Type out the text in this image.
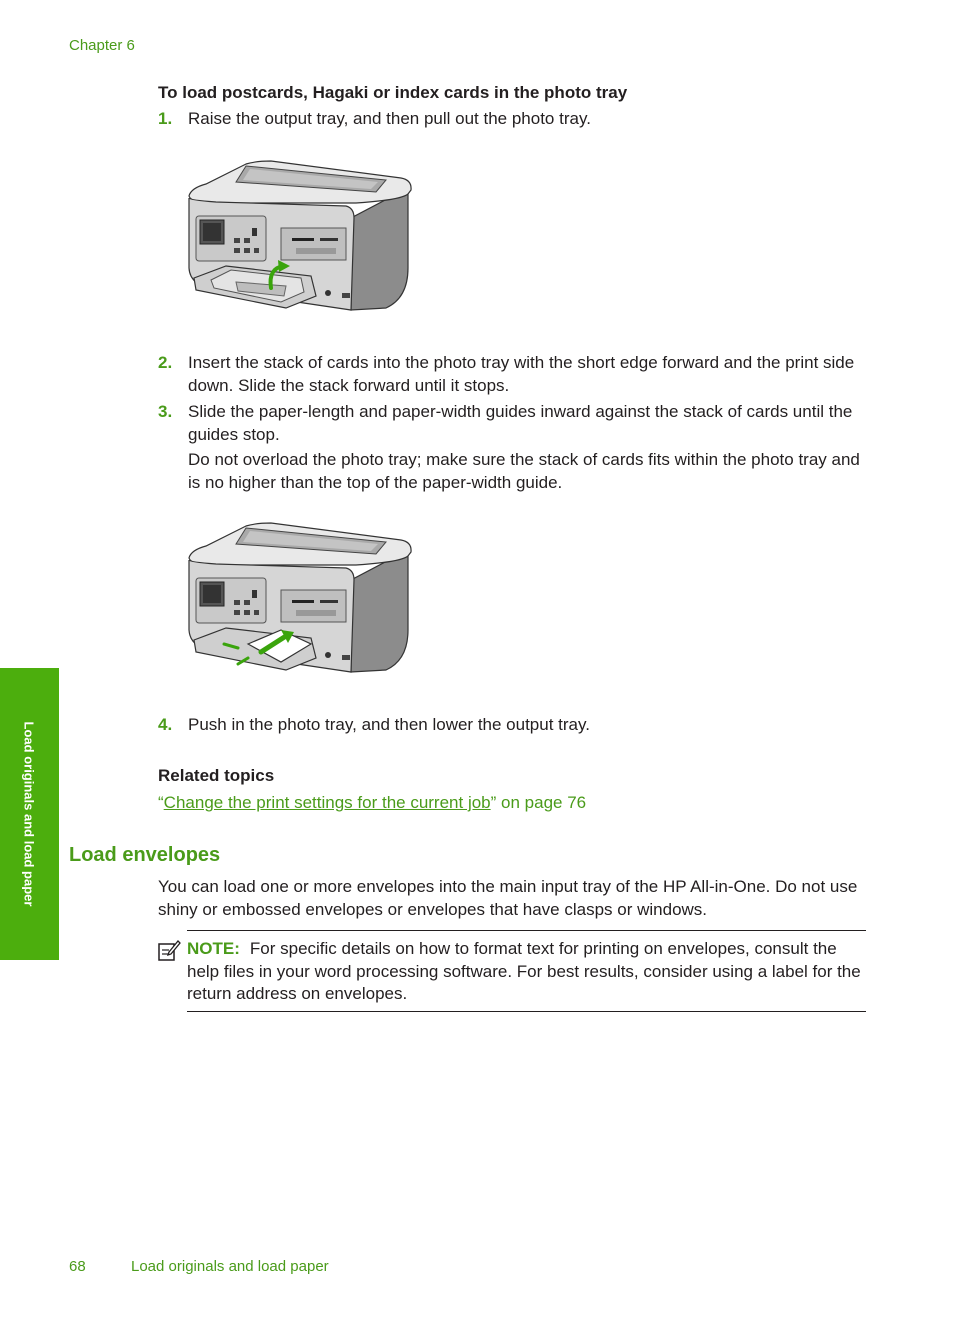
Chapter 6
To load postcards, Hagaki or index cards in the photo tray
1. Raise the output tray, and then pull out the photo tray.
2. Insert the stack of cards into the photo tray with the short edge forward and the print side down. Slide the stack forward until it stops.
3. Slide the paper-length and paper-width guides inward against the stack of cards until the guides stop.
Do not overload the photo tray; make sure the stack of cards fits within the photo tray and is no higher than the top of the paper-width guide.
4. Push in the photo tray, and then lower the output tray.
Related topics
“Change the print settings for the current job” on page 76
Load envelopes
You can load one or more envelopes into the main input tray of the HP All-in-One. Do not use shiny or embossed envelopes or envelopes that have clasps or windows.
NOTE: For specific details on how to format text for printing on envelopes, consult the help files in your word processing software. For best results, consider using a label for the return address on envelopes.
Load originals and load paper
68	Load originals and load paper
